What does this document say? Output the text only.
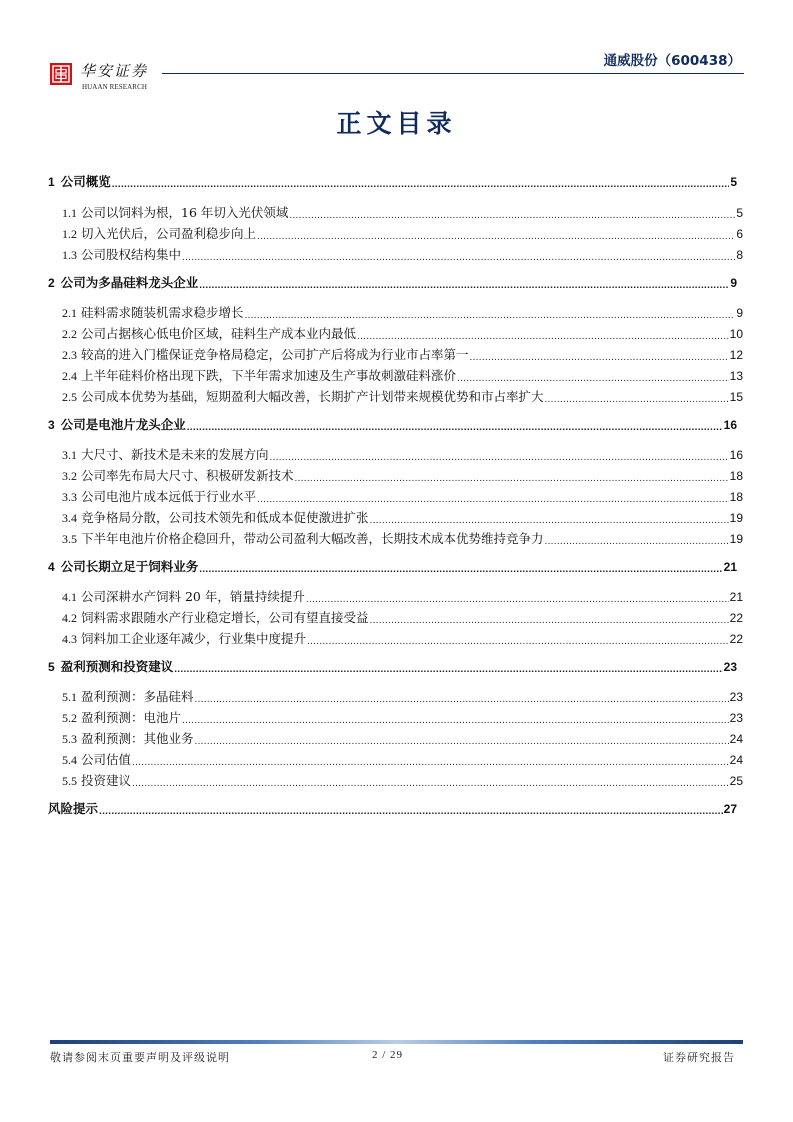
华安证券
HUAAN RESEARCH
通威股份（600438）
正文目录
1 公司概览 .....	5
1.1 公司以饲料为根，16 年切入光伏领域 .....	5
1.2 切入光伏后，公司盈利稳步向上 .....	6
1.3 公司股权结构集中 .....	8
2 公司为多晶硅料龙头企业 .....	9
2.1 硅料需求随装机需求稳步增长 .....	9
2.2 公司占据核心低电价区域，硅料生产成本业内最低 .....	10
2.3 较高的进入门槛保证竞争格局稳定，公司扩产后将成为行业市占率第一 .....	12
2.4 上半年硅料价格出现下跌，下半年需求加速及生产事故刺激硅料涨价 .....	13
2.5 公司成本优势为基础，短期盈利大幅改善，长期扩产计划带来规模优势和市占率扩大 .....	15
3 公司是电池片龙头企业 .....	16
3.1 大尺寸、新技术是未来的发展方向 .....	16
3.2 公司率先布局大尺寸、积极研发新技术 .....	18
3.3 公司电池片成本远低于行业水平 .....	18
3.4 竞争格局分散，公司技术领先和低成本促使激进扩张 .....	19
3.5 下半年电池片价格企稳回升，带动公司盈利大幅改善，长期技术成本优势维持竞争力 .....	19
4 公司长期立足于饲料业务 .....	21
4.1 公司深耕水产饲料 20 年，销量持续提升 .....	21
4.2 饲料需求跟随水产行业稳定增长，公司有望直接受益 .....	22
4.3 饲料加工企业逐年减少，行业集中度提升 .....	22
5 盈利预测和投资建议 .....	23
5.1 盈利预测：多晶硅料 .....	23
5.2 盈利预测：电池片 .....	23
5.3 盈利预测：其他业务 .....	24
5.4 公司估值 .....	24
5.5 投资建议 .....	25
风险提示 .....	27
敬请参阅末页重要声明及评级说明	2 / 29	证券研究报告
